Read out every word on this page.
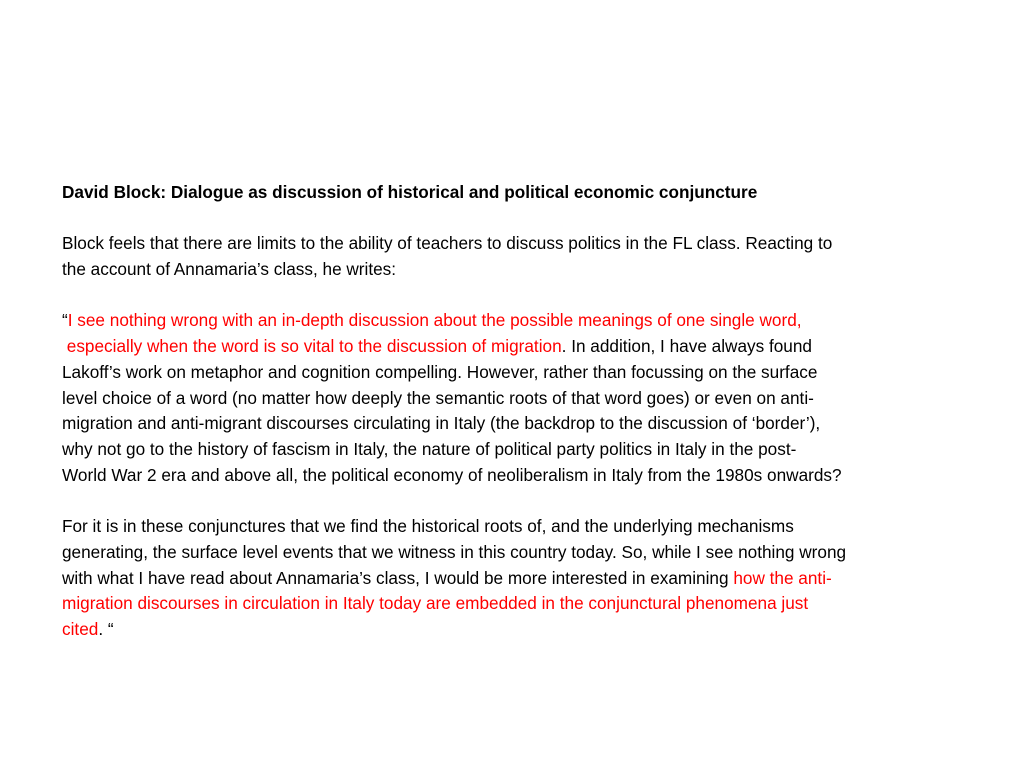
David Block: Dialogue as discussion of historical and political economic conjuncture

Block feels that there are limits to the ability of teachers to discuss politics in the FL class. Reacting to
the account of Annamaria’s class, he writes:

“I see nothing wrong with an in-depth discussion about the possible meanings of one single word,
especially when the word is so vital to the discussion of migration. In addition, I have always found
Lakoff’s work on metaphor and cognition compelling. However, rather than focussing on the surface
level choice of a word (no matter how deeply the semantic roots of that word goes) or even on anti-
migration and anti-migrant discourses circulating in Italy (the backdrop to the discussion of ‘border’),
why not go to the history of fascism in Italy, the nature of political party politics in Italy in the post-
World War 2 era and above all, the political economy of neoliberalism in Italy from the 1980s onwards?

For it is in these conjunctures that we find the historical roots of, and the underlying mechanisms
generating, the surface level events that we witness in this country today. So, while I see nothing wrong
with what I have read about Annamaria’s class, I would be more interested in examining how the anti-
migration discourses in circulation in Italy today are embedded in the conjunctural phenomena just
cited. “
